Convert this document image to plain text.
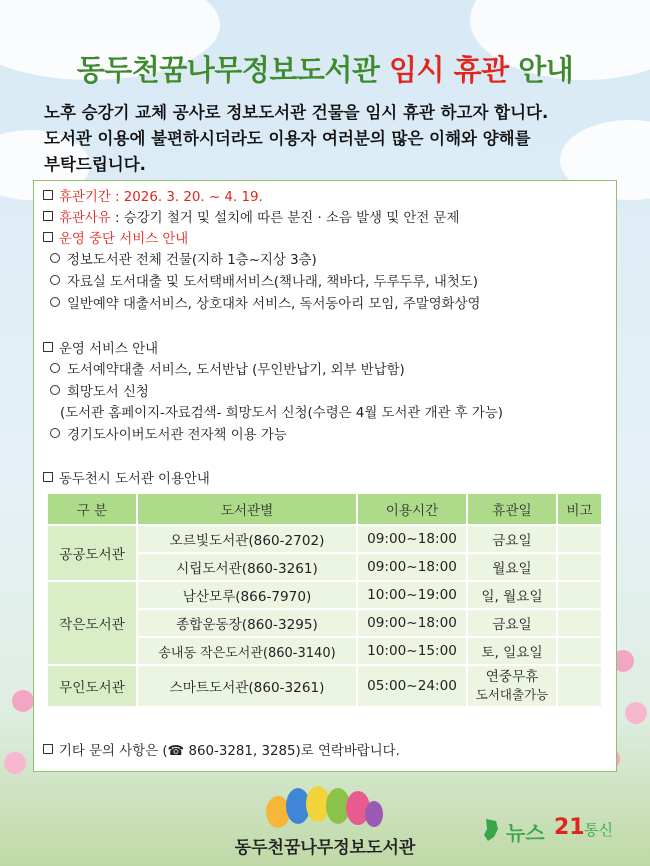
동두천꿈나무정보도서관 임시 휴관 안내
노후 승강기 교체 공사로 정보도서관 건물을 임시 휴관 하고자 합니다.
도서관 이용에 불편하시더라도 이용자 여러분의 많은 이해와 양해를
부탁드립니다.
휴관기간 : 2026. 3. 20. ~ 4. 19.
휴관사유 : 승강기 철거 및 설치에 따른 분진 · 소음 발생 및 안전 문제
운영 중단 서비스 안내
정보도서관 전체 건물(지하 1층~지상 3층)
자료실 도서대출 및 도서택배서비스(책나래, 책바다, 두루두루, 내첫도)
일반예약 대출서비스, 상호대차 서비스, 독서동아리 모임, 주말영화상영
운영 서비스 안내
도서예약대출 서비스, 도서반납 (무인반납기, 외부 반납함)
희망도서 신청
(도서관 홈페이지-자료검색- 희망도서 신청(수령은 4월 도서관 개관 후 가능)
경기도사이버도서관 전자책 이용 가능
동두천시 도서관 이용안내
구 분	도서관별	이용시간	휴관일	비고
공공도서관	오르빛도서관(860-2702)	09:00~18:00	금요일	
	시립도서관(860-3261)	09:00~18:00	월요일	
작은도서관	남산모루(866-7970)	10:00~19:00	일, 월요일	
	종합운동장(860-3295)	09:00~18:00	금요일	
	송내동 작은도서관(860-3140)	10:00~15:00	토, 일요일	
무인도서관	스마트도서관(860-3261)	05:00~24:00	연중무휴
도서대출가능	

기타 문의 사항은 (☎ 860-3281, 3285)로 연락바랍니다.
동두천꿈나무정보도서관
뉴스 21 통신
